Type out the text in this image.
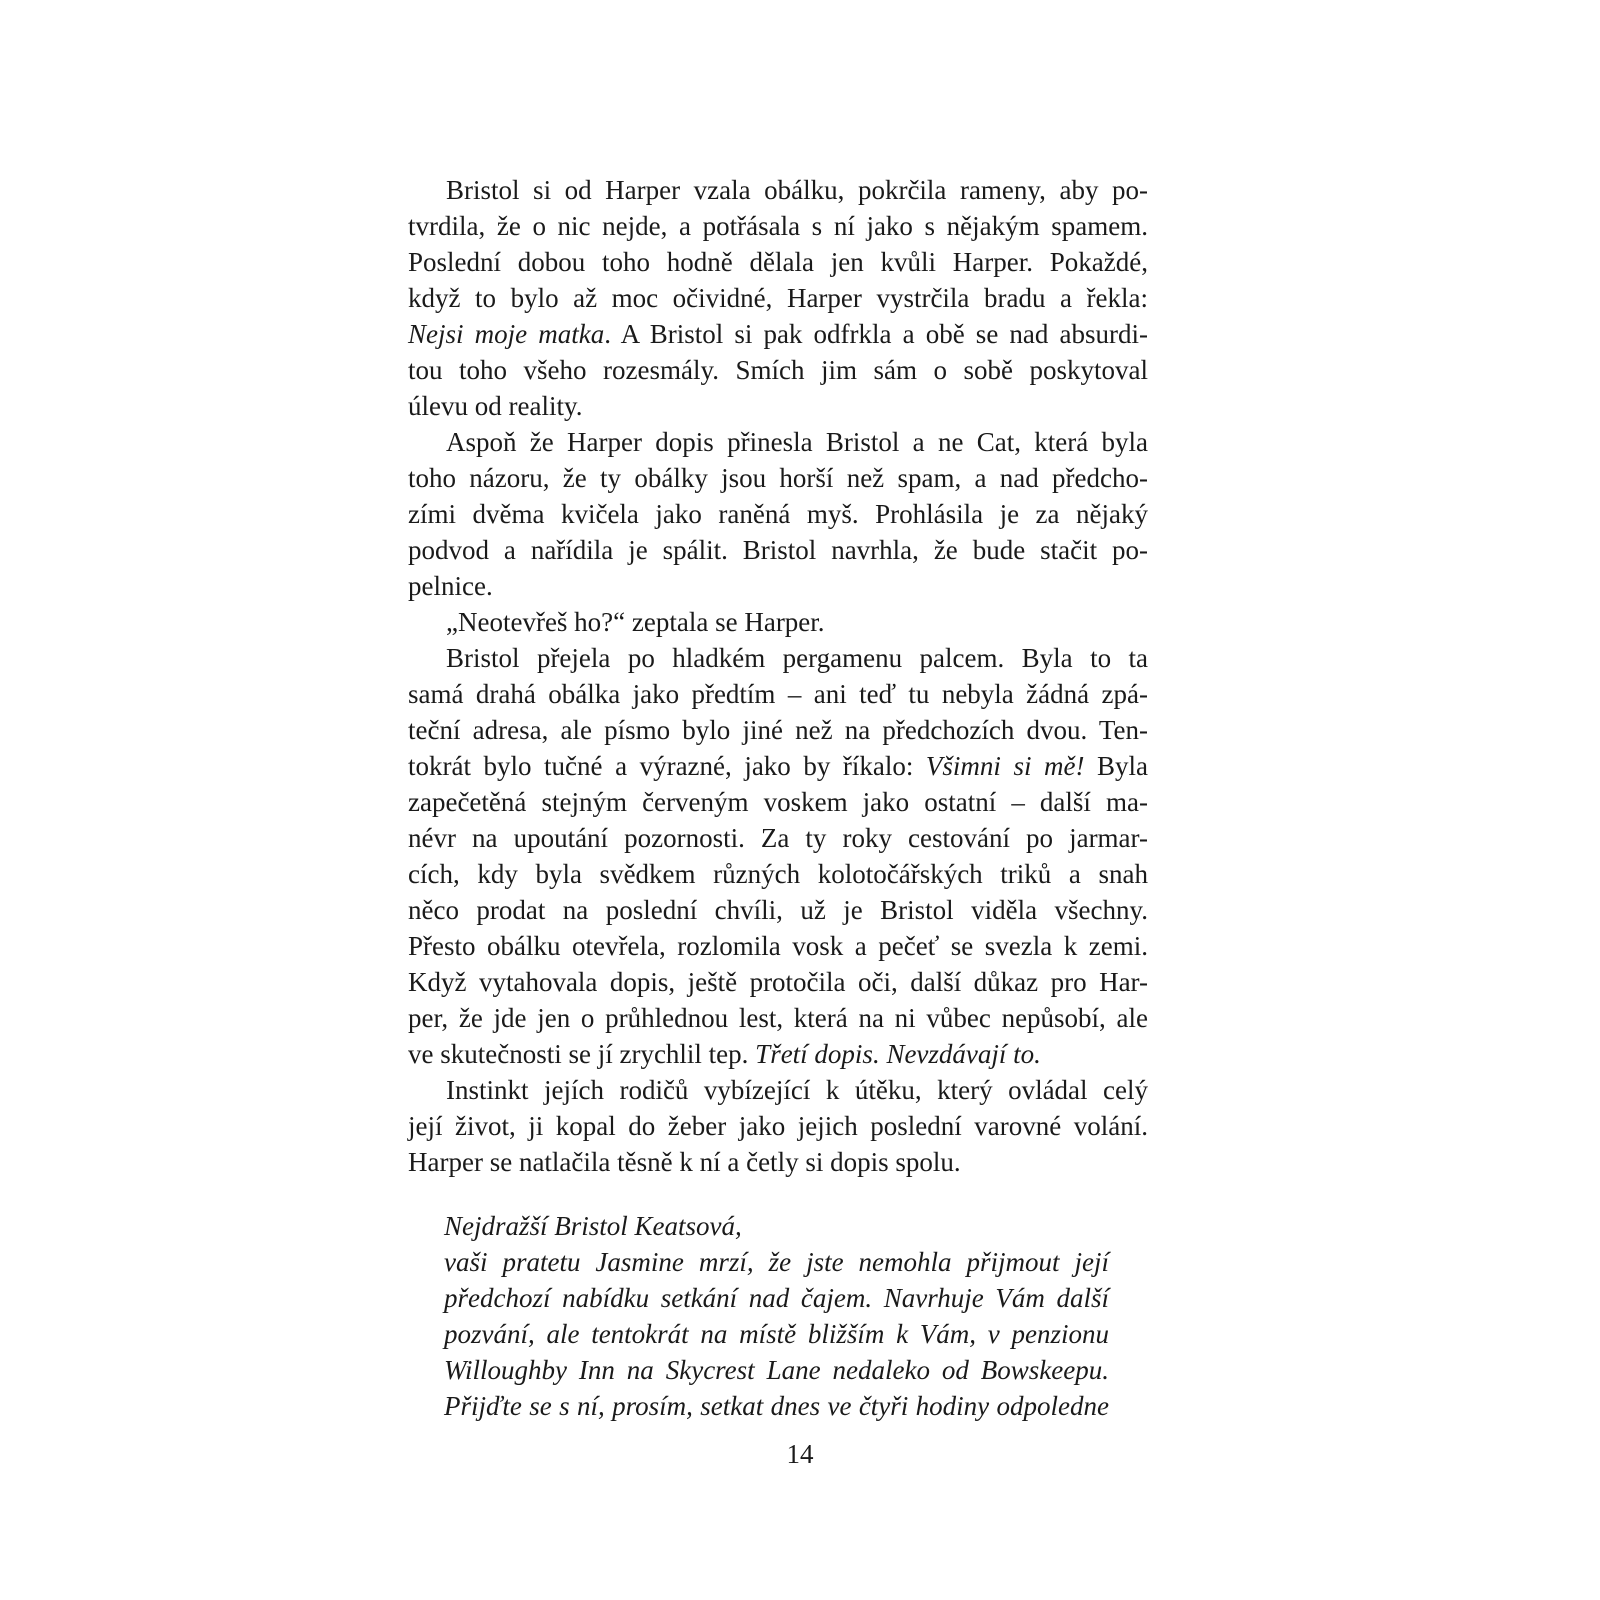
Bristol si od Harper vzala obálku, pokrčila rameny, aby po-
tvrdila, že o nic nejde, a potřásala s ní jako s nějakým spamem.
Poslední dobou toho hodně dělala jen kvůli Harper. Pokaždé,
když to bylo až moc očividné, Harper vystrčila bradu a řekla:
Nejsi moje matka. A Bristol si pak odfrkla a obě se nad absurdi-
tou toho všeho rozesmály. Smích jim sám o sobě poskytoval
úlevu od reality.
Aspoň že Harper dopis přinesla Bristol a ne Cat, která byla
toho názoru, že ty obálky jsou horší než spam, a nad předcho-
zími dvěma kvičela jako raněná myš. Prohlásila je za nějaký
podvod a nařídila je spálit. Bristol navrhla, že bude stačit po-
pelnice.
„Neotevřeš ho?“ zeptala se Harper.
Bristol přejela po hladkém pergamenu palcem. Byla to ta
samá drahá obálka jako předtím – ani teď tu nebyla žádná zpá-
teční adresa, ale písmo bylo jiné než na předchozích dvou. Ten-
tokrát bylo tučné a výrazné, jako by říkalo: Všimni si mě! Byla
zapečetěná stejným červeným voskem jako ostatní – další ma-
névr na upoutání pozornosti. Za ty roky cestování po jarmar-
cích, kdy byla svědkem různých kolotočářských triků a snah
něco prodat na poslední chvíli, už je Bristol viděla všechny.
Přesto obálku otevřela, rozlomila vosk a pečeť se svezla k zemi.
Když vytahovala dopis, ještě protočila oči, další důkaz pro Har-
per, že jde jen o průhlednou lest, která na ni vůbec nepůsobí, ale
ve skutečnosti se jí zrychlil tep. Třetí dopis. Nevzdávají to.
Instinkt jejích rodičů vybízející k útěku, který ovládal celý
její život, ji kopal do žeber jako jejich poslední varovné volání.
Harper se natlačila těsně k ní a četly si dopis spolu.
Nejdražší Bristol Keatsová,
vaši pratetu Jasmine mrzí, že jste nemohla přijmout její
předchozí nabídku setkání nad čajem. Navrhuje Vám další
pozvání, ale tentokrát na místě bližším k Vám, v penzionu
Willoughby Inn na Skycrest Lane nedaleko od Bowskeepu.
Přijďte se s ní, prosím, setkat dnes ve čtyři hodiny odpoledne
14
